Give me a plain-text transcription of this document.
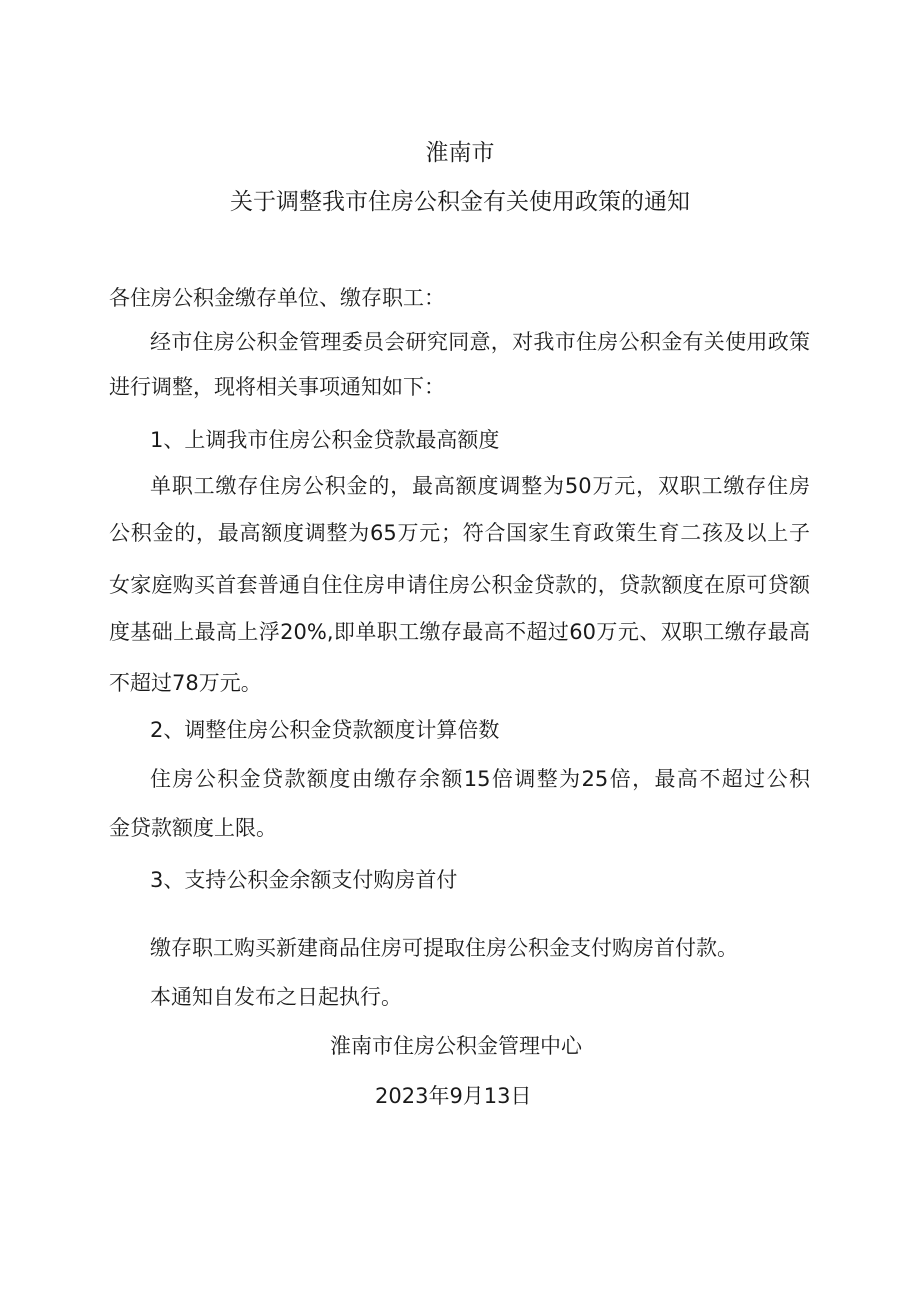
淮南市
关于调整我市住房公积金有关使用政策的通知
各住房公积金缴存单位、缴存职工：
经市住房公积金管理委员会研究同意，对我市住房公积金有关使用政策
进行调整，现将相关事项通知如下：
1、上调我市住房公积金贷款最高额度
单职工缴存住房公积金的，最高额度调整为50万元，双职工缴存住房
公积金的，最高额度调整为65万元；符合国家生育政策生育二孩及以上子
女家庭购买首套普通自住住房申请住房公积金贷款的，贷款额度在原可贷额
度基础上最高上浮20%,即单职工缴存最高不超过60万元、双职工缴存最高
不超过78万元。
2、调整住房公积金贷款额度计算倍数
住房公积金贷款额度由缴存余额15倍调整为25倍，最高不超过公积
金贷款额度上限。
3、支持公积金余额支付购房首付
缴存职工购买新建商品住房可提取住房公积金支付购房首付款。
本通知自发布之日起执行。
淮南市住房公积金管理中心
2023年9月13日
